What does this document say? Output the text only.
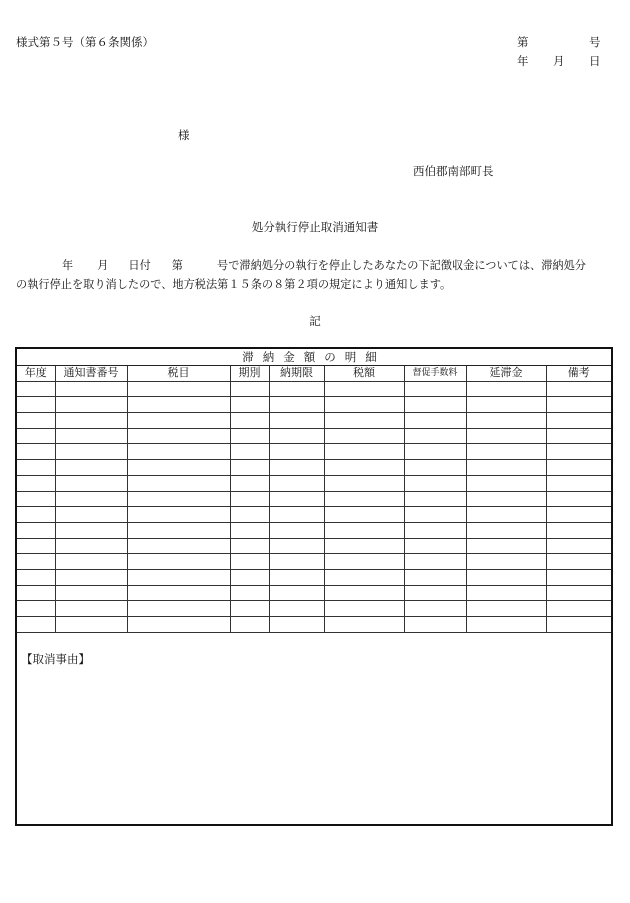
様式第５号（第６条関係）	第	号
年 月 日
様
西伯郡南部町長
処分執行停止取消通知書
年 月 日付 第	号で滞納処分の執行を停止したあなたの下記徴収金については、滞納処分
の執行停止を取り消したので、地方税法第１５条の８第２項の規定により通知します。
記
滞納金額の明細
年度	通知書番号	税目	期別	納期限	税額	督促手数料	延滞金	備考

【取消事由】
